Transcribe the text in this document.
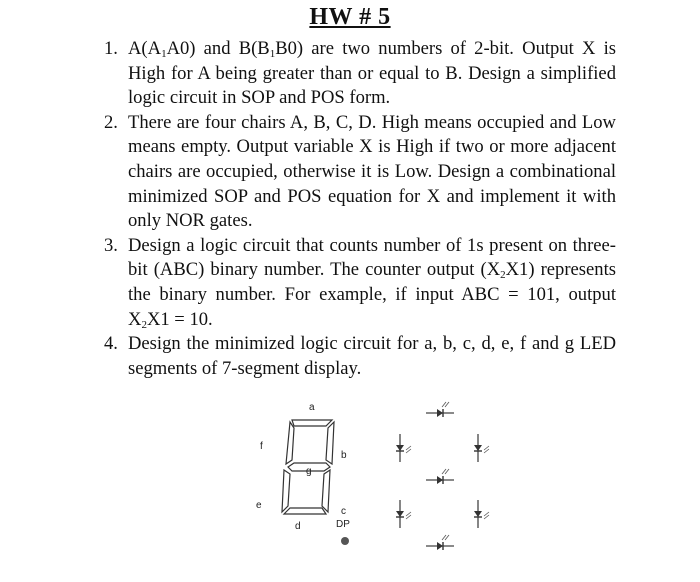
HW # 5
1. $A(A_1A0)$ and $B(B_1B0)$ are two numbers of 2-bit. Output X is High for A being greater than or equal to B. Design a simplified logic circuit in SOP and POS form.
2. There are four chairs A, B, C, D. High means occupied and Low means empty. Output variable X is High if two or more adjacent chairs are occupied, otherwise it is Low. Design a combinational minimized SOP and POS equation for X and implement it with only NOR gates.
3. Design a logic circuit that counts number of 1s present on three-bit (ABC) binary number. The counter output $(X_2X1)$ represents the binary number. For example, if input ABC = 101, output $X_2X1 = 10$.
4. Design the minimized logic circuit for a, b, c, d, e, f and g LED segments of 7-segment display.
a
b
c
d
e
f
g
DP
